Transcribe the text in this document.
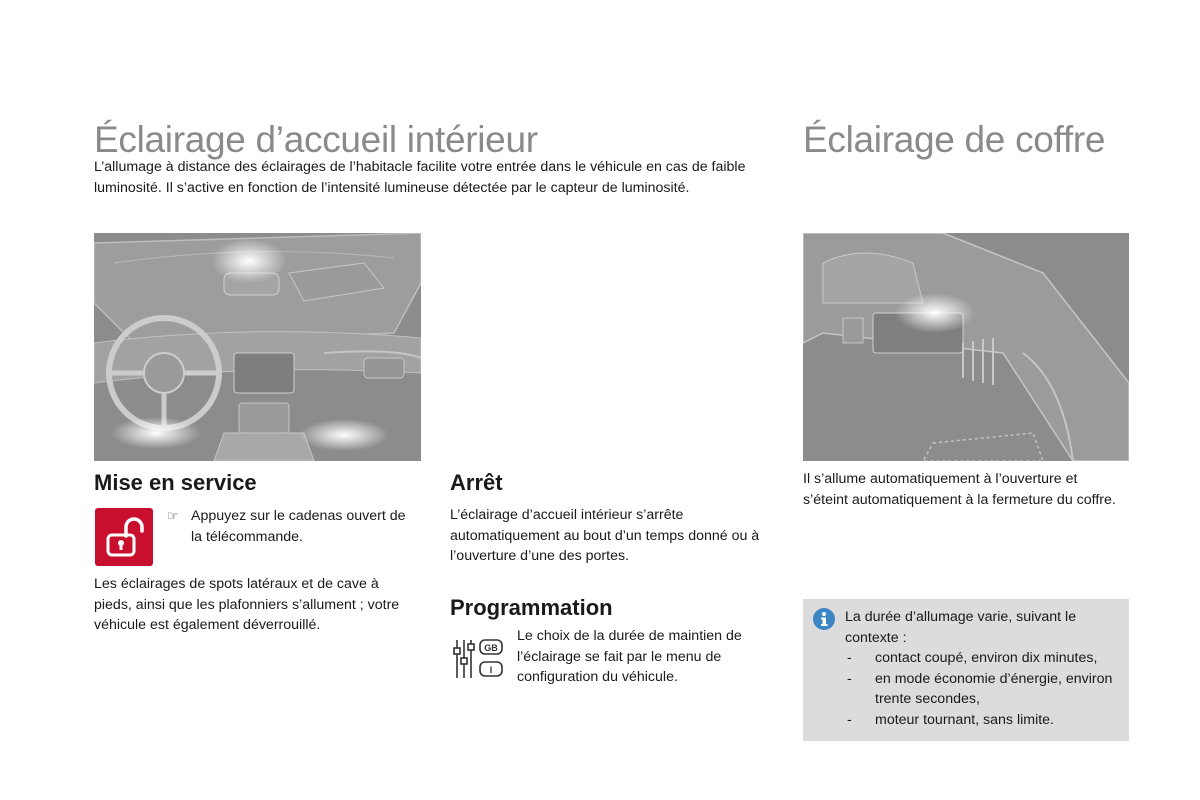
Éclairage d’accueil intérieur	Éclairage de coffre
L’allumage à distance des éclairages de l’habitacle facilite votre entrée dans le véhicule en cas de faible luminosité. Il s’active en fonction de l’intensité lumineuse détectée par le capteur de luminosité.
Mise en service
☞ Appuyez sur le cadenas ouvert de la télécommande.
Les éclairages de spots latéraux et de cave à pieds, ainsi que les plafonniers s’allument ; votre véhicule est également déverrouillé.
Arrêt
L’éclairage d’accueil intérieur s’arrête automatiquement au bout d’un temps donné ou à l’ouverture d’une des portes.
Programmation
GB
I
Le choix de la durée de maintien de l’éclairage se fait par le menu de configuration du véhicule.
Il s’allume automatiquement à l’ouverture et s’éteint automatiquement à la fermeture du coffre.
La durée d’allumage varie, suivant le contexte :
-	contact coupé, environ dix minutes,
-	en mode économie d’énergie, environ trente secondes,
-	moteur tournant, sans limite.
